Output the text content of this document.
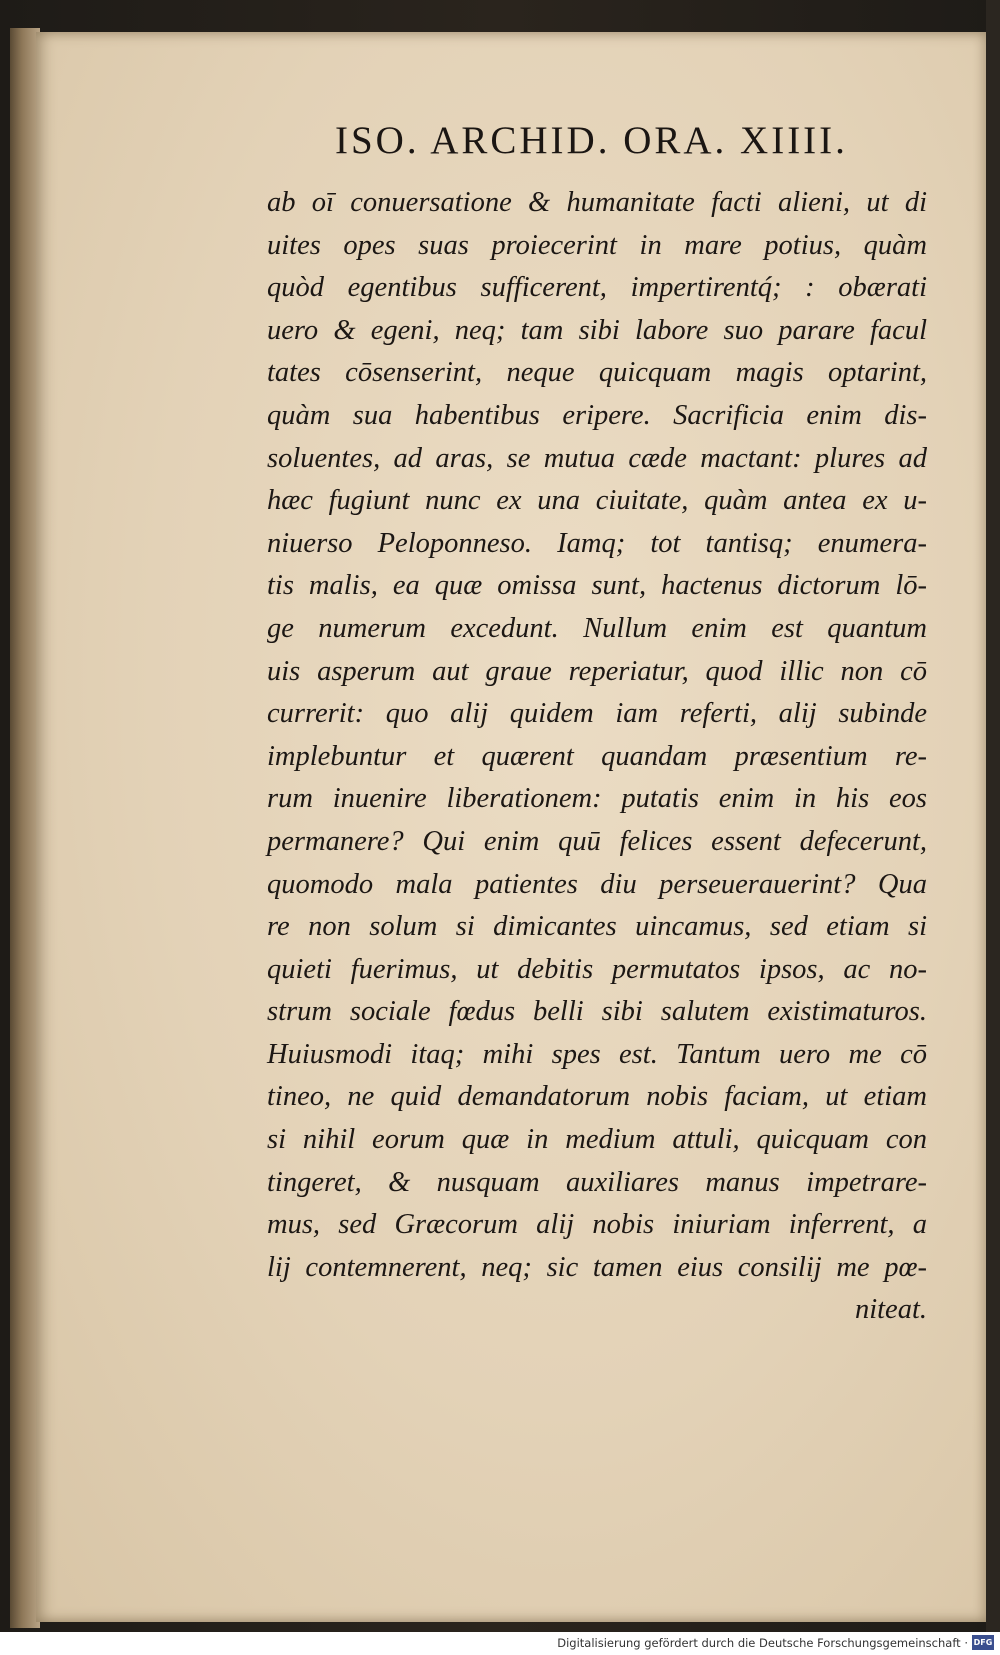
ISO. ARCHID. ORA. XIIII.
ab oī conuersatione & humanitate facti alieni, ut di
uites opes suas proiecerint in mare potius, quàm
quòd egentibus sufficerent, impertirentq́; : obærati
uero & egeni, neq; tam sibi labore suo parare facul
tates cōsenserint, neque quicquam magis optarint,
quàm sua habentibus eripere. Sacrificia enim dis-
soluentes, ad aras, se mutua cæde mactant: plures ad
hæc fugiunt nunc ex una ciuitate, quàm antea ex u-
niuerso Peloponneso. Iamq; tot tantisq; enumera-
tis malis, ea quæ omissa sunt, hactenus dictorum lō-
ge numerum excedunt. Nullum enim est quantum
uis asperum aut graue reperiatur, quod illic non cō
currerit: quo alij quidem iam referti, alij subinde
implebuntur et quærent quandam præsentium re-
rum inuenire liberationem: putatis enim in his eos
permanere? Qui enim quū felices essent defecerunt,
quomodo mala patientes diu perseuerauerint? Qua
re non solum si dimicantes uincamus, sed etiam si
quieti fuerimus, ut debitis permutatos ipsos, ac no-
strum sociale fœdus belli sibi salutem existimaturos.
Huiusmodi itaq; mihi spes est. Tantum uero me cō
tineo, ne quid demandatorum nobis faciam, ut etiam
si nihil eorum quæ in medium attuli, quicquam con
tingeret, & nusquam auxiliares manus impetrare-
mus, sed Græcorum alij nobis iniuriam inferrent, a
lij contemnerent, neq; sic tamen eius consilij me pœ-
niteat.
Digitalisierung gefördert durch die Deutsche Forschungsgemeinschaft · DFG
